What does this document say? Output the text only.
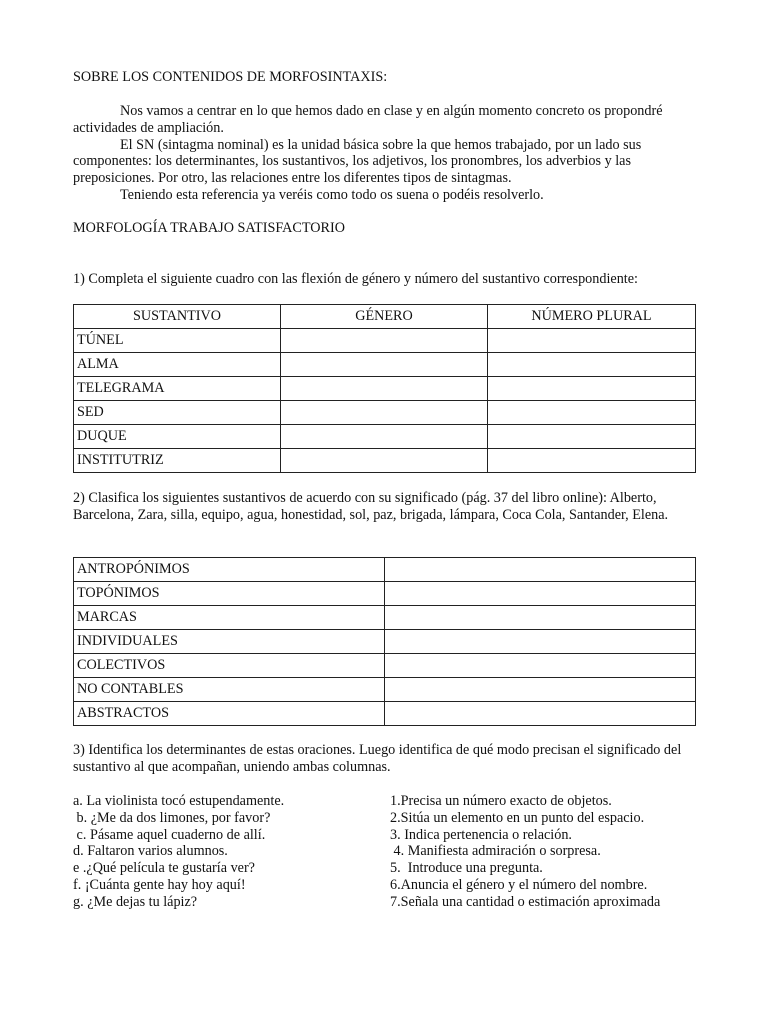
SOBRE LOS CONTENIDOS DE MORFOSINTAXIS:
Nos vamos a centrar en lo que hemos dado en clase y en algún momento concreto os propondré actividades de ampliación.
El SN (sintagma nominal) es la unidad básica sobre la que hemos trabajado, por un lado sus componentes: los determinantes, los sustantivos, los adjetivos, los pronombres, los adverbios y las preposiciones. Por otro, las relaciones entre los diferentes tipos de sintagmas.
Teniendo esta referencia ya veréis como todo os suena o podéis resolverlo.
MORFOLOGÍA TRABAJO SATISFACTORIO
1) Completa el siguiente cuadro con las flexión de género y número del sustantivo correspondiente:
SUSTANTIVO	GÉNERO	NÚMERO PLURAL
TÚNEL		
ALMA		
TELEGRAMA		
SED		
DUQUE		
INSTITUTRIZ		
2) Clasifica los siguientes sustantivos de acuerdo con su significado (pág. 37 del libro online): Alberto, Barcelona, Zara, silla, equipo, agua, honestidad, sol, paz, brigada, lámpara, Coca Cola, Santander, Elena.
ANTROPÓNIMOS	
TOPÓNIMOS	
MARCAS	
INDIVIDUALES	
COLECTIVOS	
NO CONTABLES	
ABSTRACTOS	
3) Identifica los determinantes de estas oraciones. Luego identifica de qué modo precisan el significado del sustantivo al que acompañan, uniendo ambas columnas.
a. La violinista tocó estupendamente.
b. ¿Me da dos limones, por favor?
c. Pásame aquel cuaderno de allí.
d. Faltaron varios alumnos.
e .¿Qué película te gustaría ver?
f. ¡Cuánta gente hay hoy aquí!
g. ¿Me dejas tu lápiz?
1.Precisa un número exacto de objetos.
2.Sitúa un elemento en un punto del espacio.
3. Indica pertenencia o relación.
4. Manifiesta admiración o sorpresa.
5.  Introduce una pregunta.
6.Anuncia el género y el número del nombre.
7.Señala una cantidad o estimación aproximada
